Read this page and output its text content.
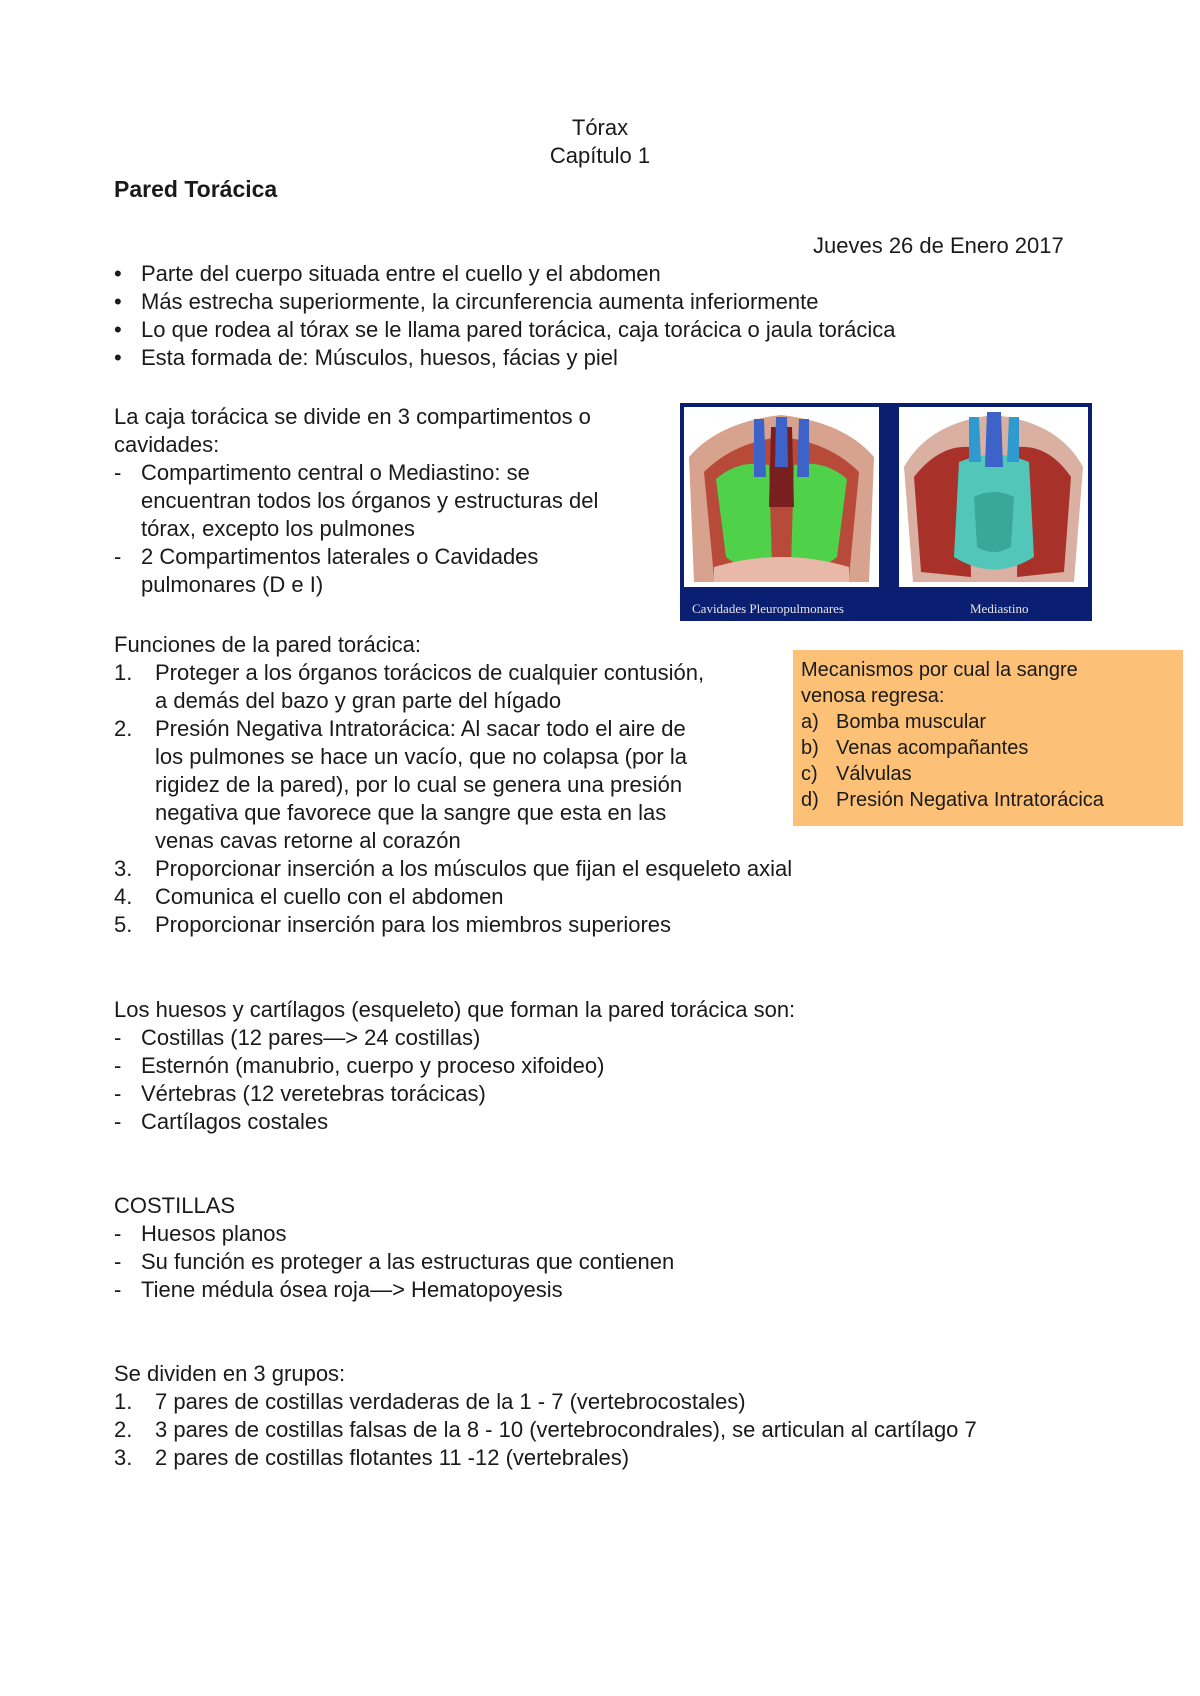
Tórax
Capítulo 1
Pared Torácica
Jueves 26 de Enero 2017
• Parte del cuerpo situada entre el cuello y el abdomen
• Más estrecha superiormente, la circunferencia aumenta inferiormente
• Lo que rodea al tórax se le llama pared torácica, caja torácica o jaula torácica
• Esta formada de: Músculos, huesos, fácias y piel
La caja torácica se divide en 3 compartimentos o
cavidades:
- Compartimento central o Mediastino: se
encuentran todos los órganos y estructuras del
tórax, excepto los pulmones
- 2 Compartimentos laterales o Cavidades
pulmonares (D e I)
Cavidades Pleuropulmonares	Mediastino
Funciones de la pared torácica:
1. Proteger a los órganos torácicos de cualquier contusión,
a demás del bazo y gran parte del hígado
2. Presión Negativa Intratorácica: Al sacar todo el aire de
los pulmones se hace un vacío, que no colapsa (por la
rigidez de la pared), por lo cual se genera una presión
negativa que favorece que la sangre que esta en las
venas cavas retorne al corazón
3. Proporcionar inserción a los músculos que fijan el esqueleto axial
4. Comunica el cuello con el abdomen
5. Proporcionar inserción para los miembros superiores
Mecanismos por cual la sangre
venosa regresa:
a) Bomba muscular
b) Venas acompañantes
c) Válvulas
d) Presión Negativa Intratorácica
Los huesos y cartílagos (esqueleto) que forman la pared torácica son:
- Costillas (12 pares—> 24 costillas)
- Esternón (manubrio, cuerpo y proceso xifoideo)
- Vértebras (12 veretebras torácicas)
- Cartílagos costales
COSTILLAS
- Huesos planos
- Su función es proteger a las estructuras que contienen
- Tiene médula ósea roja—> Hematopoyesis
Se dividen en 3 grupos:
1. 7 pares de costillas verdaderas de la 1 - 7 (vertebrocostales)
2. 3 pares de costillas falsas de la 8 - 10 (vertebrocondrales), se articulan al cartílago 7
3. 2 pares de costillas flotantes 11 -12 (vertebrales)
